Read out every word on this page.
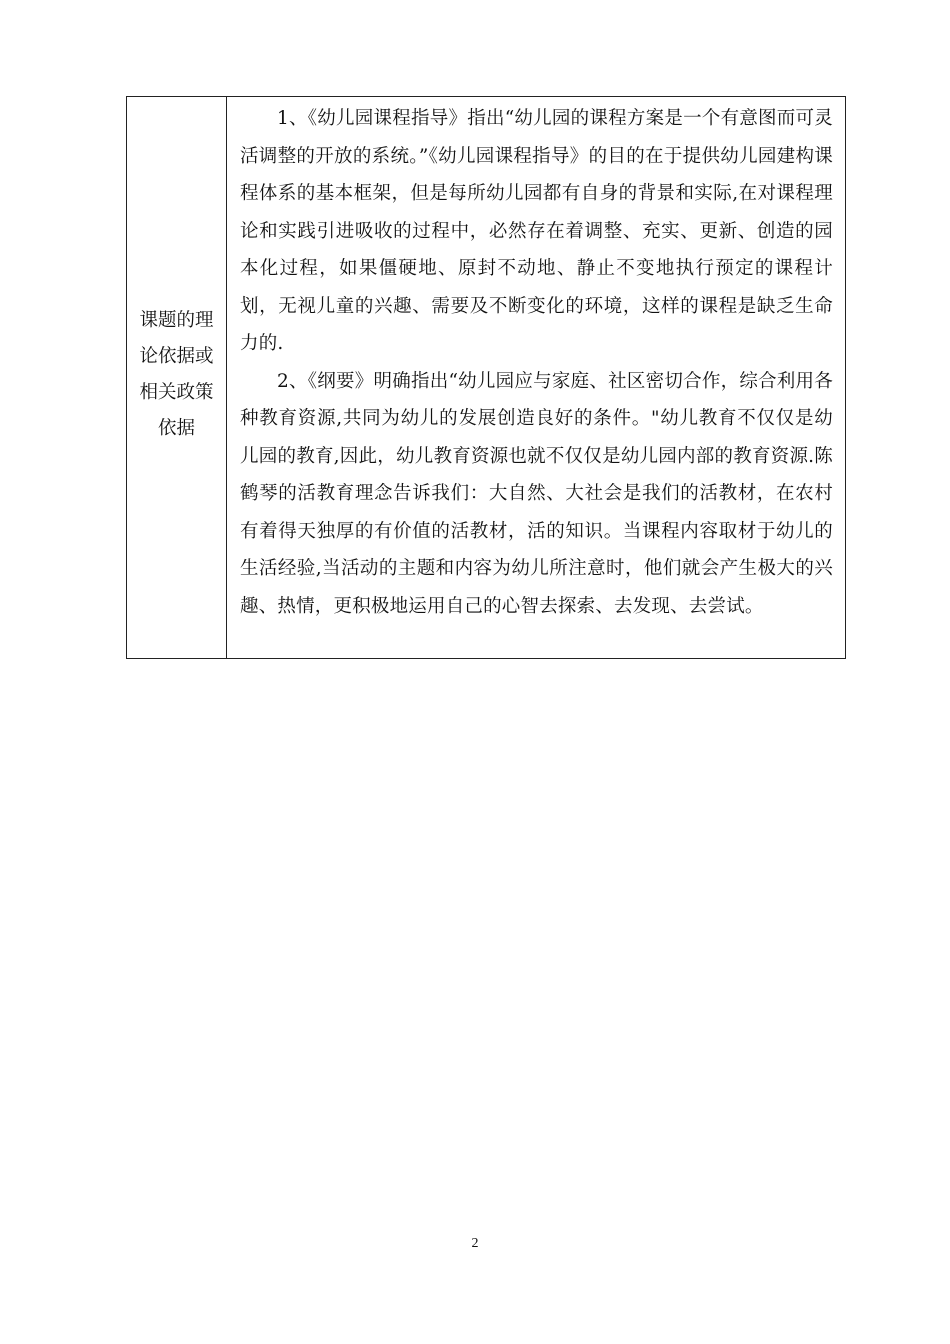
课题的理论依据或相关政策依据

1、《幼儿园课程指导》指出“幼儿园的课程方案是一个有意图而可灵活调整的开放的系统。”《幼儿园课程指导》的目的在于提供幼儿园建构课程体系的基本框架，但是每所幼儿园都有自身的背景和实际,在对课程理论和实践引进吸收的过程中，必然存在着调整、充实、更新、创造的园本化过程，如果僵硬地、原封不动地、静止不变地执行预定的课程计划，无视儿童的兴趣、需要及不断变化的环境，这样的课程是缺乏生命力的.

2、《纲要》明确指出“幼儿园应与家庭、社区密切合作，综合利用各种教育资源,共同为幼儿的发展创造良好的条件。"幼儿教育不仅仅是幼儿园的教育,因此，幼儿教育资源也就不仅仅是幼儿园内部的教育资源.陈鹤琴的活教育理念告诉我们：大自然、大社会是我们的活教材，在农村有着得天独厚的有价值的活教材，活的知识。当课程内容取材于幼儿的生活经验,当活动的主题和内容为幼儿所注意时，他们就会产生极大的兴趣、热情，更积极地运用自己的心智去探索、去发现、去尝试。

2
